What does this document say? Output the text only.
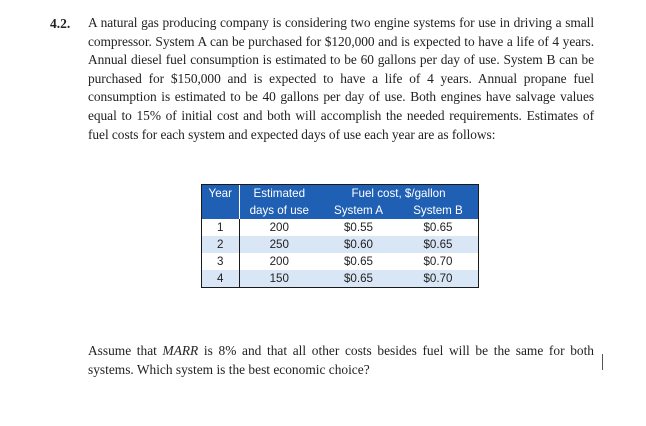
4.2. A natural gas producing company is considering two engine systems for use in driving a small compressor. System A can be purchased for $120,000 and is expected to have a life of 4 years. Annual diesel fuel consumption is estimated to be 60 gallons per day of use. System B can be purchased for $150,000 and is expected to have a life of 4 years. Annual propane fuel consumption is estimated to be 40 gallons per day of use. Both engines have salvage values equal to 15% of initial cost and both will accomplish the needed requirements. Estimates of fuel costs for each system and expected days of use each year are as follows:
Year	Estimated	Fuel cost, $/gallon	
	days of use	System A	System B
1	200	$0.55	$0.65
2	250	$0.60	$0.65
3	200	$0.65	$0.70
4	150	$0.65	$0.70
Assume that MARR is 8% and that all other costs besides fuel will be the same for both systems. Which system is the best economic choice?
